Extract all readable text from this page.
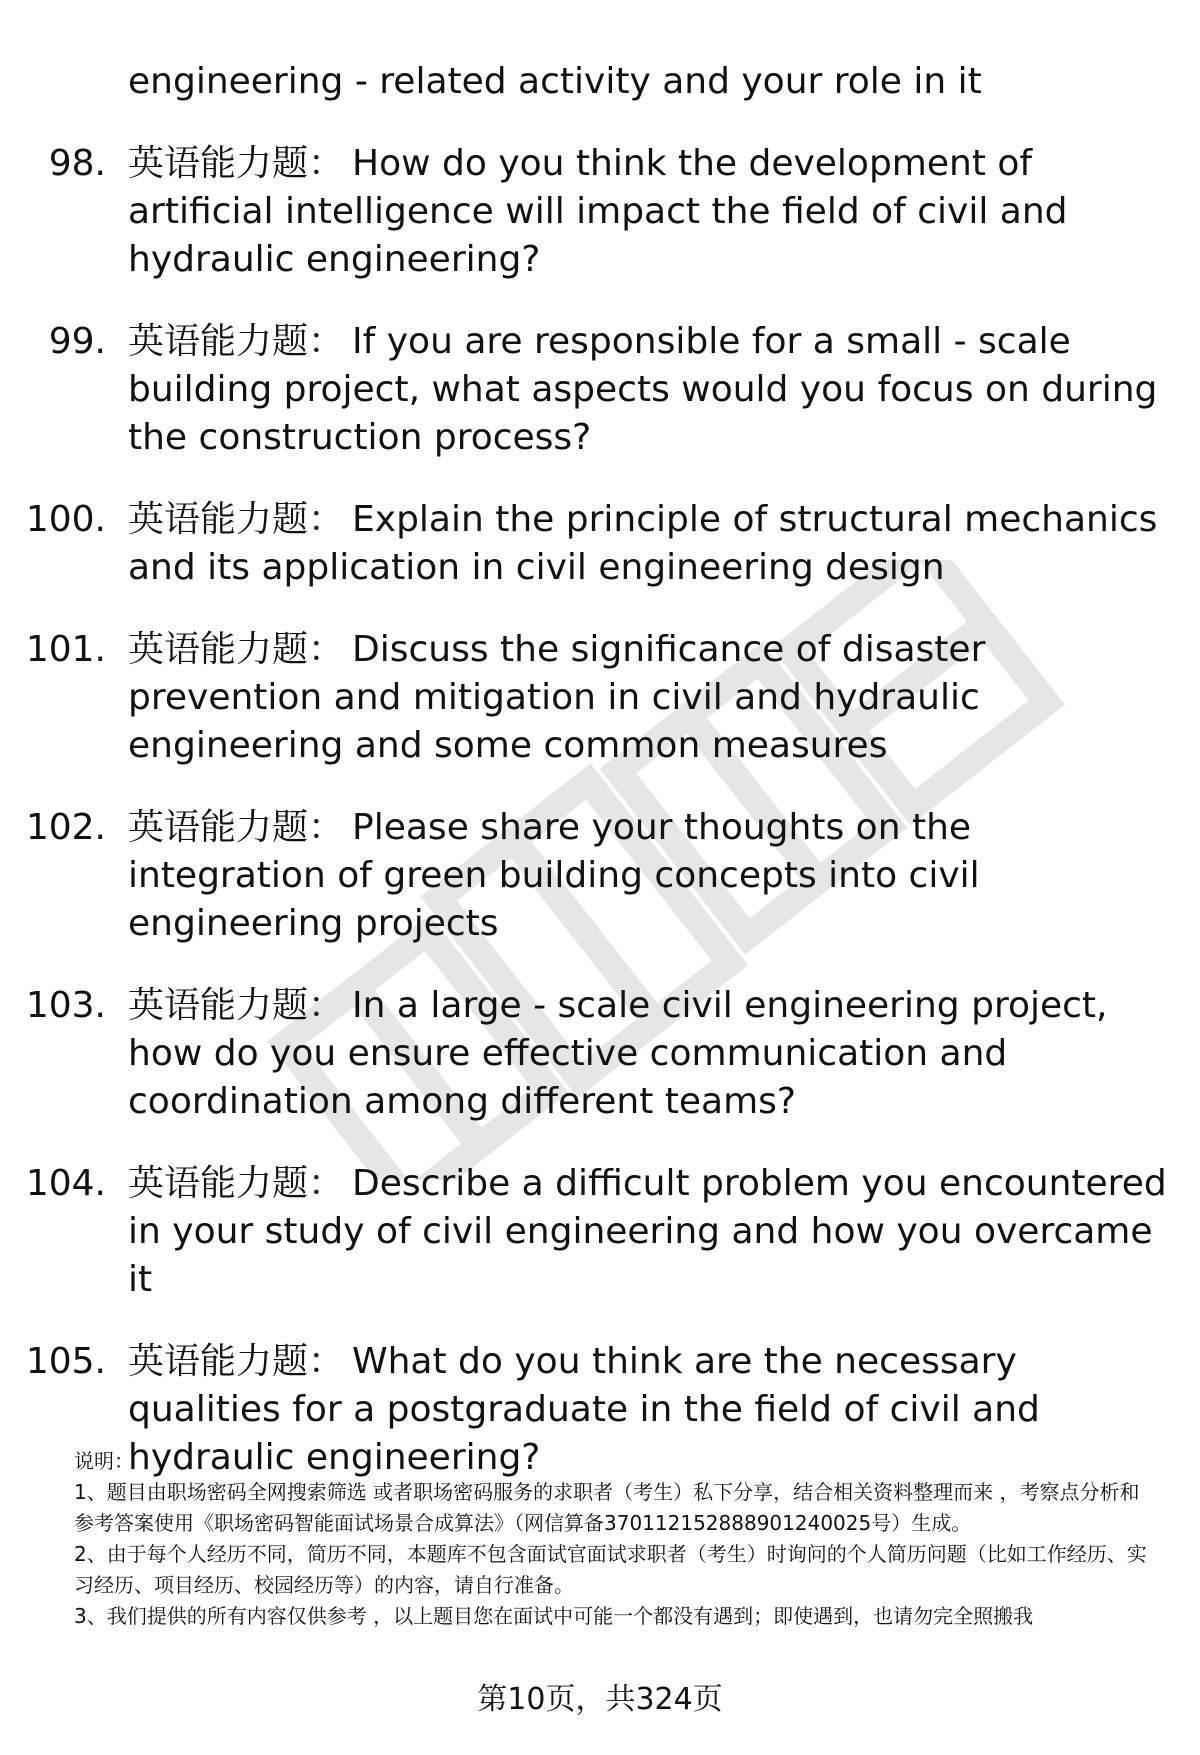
engineering - related activity and your role in it
98. 英语能力题： How do you think the development of artificial intelligence will impact the field of civil and hydraulic engineering?
99. 英语能力题： If you are responsible for a small - scale building project, what aspects would you focus on during the construction process?
100. 英语能力题： Explain the principle of structural mechanics and its application in civil engineering design
101. 英语能力题： Discuss the significance of disaster prevention and mitigation in civil and hydraulic engineering and some common measures
102. 英语能力题： Please share your thoughts on the integration of green building concepts into civil engineering projects
103. 英语能力题： In a large - scale civil engineering project, how do you ensure effective communication and coordination among different teams?
104. 英语能力题： Describe a difficult problem you encountered in your study of civil engineering and how you overcame it
105. 英语能力题： What do you think are the necessary qualities for a postgraduate in the field of civil and hydraulic engineering?

说明：

1、题目由职场密码全网搜索筛选 或者职场密码服务的求职者（考生）私下分享，结合相关资料整理而来 ，考察点分析和参考答案使用《职场密码智能面试场景合成算法》（网信算备370112152888901240025号）生成。

2、由于每个人经历不同，简历不同，本题库不包含面试官面试求职者（考生）时询问的个人简历问题（比如工作经历、实习经历、项目经历、校园经历等）的内容，请自行准备。

3、我们提供的所有内容仅供参考 ，以上题目您在面试中可能一个都没有遇到；即使遇到，也请勿完全照搬我

第10页，共324页
